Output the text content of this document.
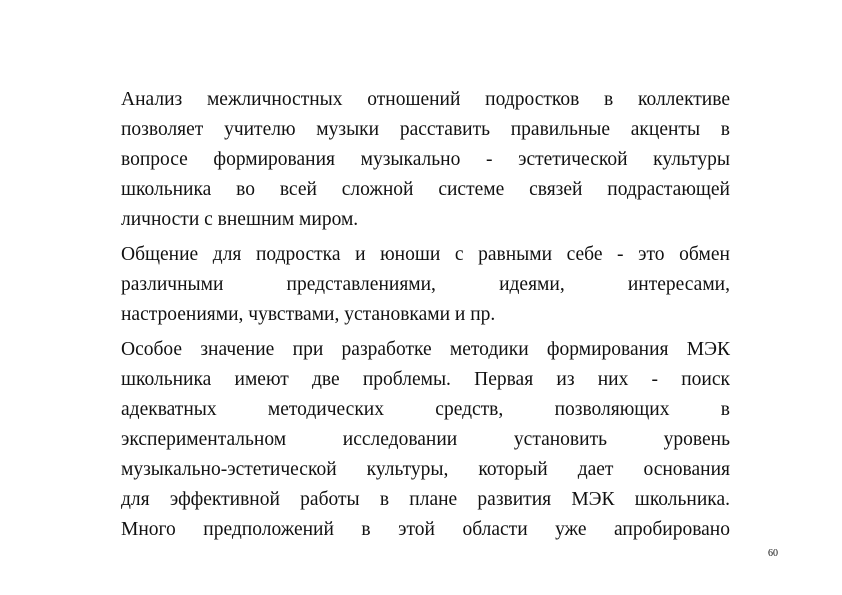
Анализ межличностных отношений подростков в коллективе
позволяет учителю музыки расставить правильные акценты в
вопросе формирования музыкально - эстетической культуры
школьника во всей сложной системе связей подрастающей
личности с внешним миром.

Общение для подростка и юноши с равными себе - это обмен
различными представлениями, идеями, интересами,
настроениями, чувствами, установками и пр.

Особое значение при разработке методики формирования МЭК
школьника имеют две проблемы. Первая из них - поиск
адекватных методических средств, позволяющих в
экспериментальном исследовании установить уровень
музыкально-эстетической культуры, который дает основания
для эффективной работы в плане развития МЭК школьника.
Много предположений в этой области уже апробировано

60
